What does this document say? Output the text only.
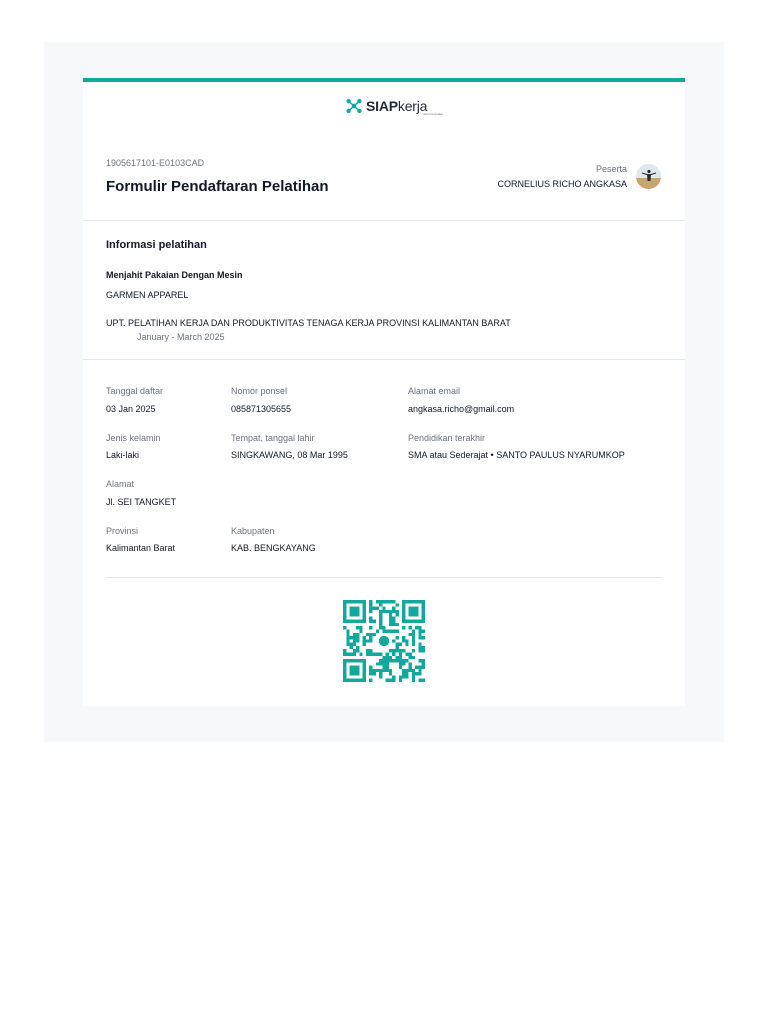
SIAPkerja
oleh Kemnaker
1905617101-E0103CAD
Formulir Pendaftaran Pelatihan
Peserta
CORNELIUS RICHO ANGKASA
Informasi pelatihan
Menjahit Pakaian Dengan Mesin
GARMEN APPAREL
UPT. PELATIHAN KERJA DAN PRODUKTIVITAS TENAGA KERJA PROVINSI KALIMANTAN BARAT
January - March 2025
Tanggal daftar
03 Jan 2025
Nomor ponsel
085871305655
Alamat email
angkasa.richo@gmail.com
Jenis kelamin
Laki-laki
Tempat, tanggal lahir
SINGKAWANG, 08 Mar 1995
Pendidikan terakhir
SMA atau Sederajat • SANTO PAULUS NYARUMKOP
Alamat
Jl. SEI TANGKET
Provinsi
Kalimantan Barat
Kabupaten
KAB. BENGKAYANG
